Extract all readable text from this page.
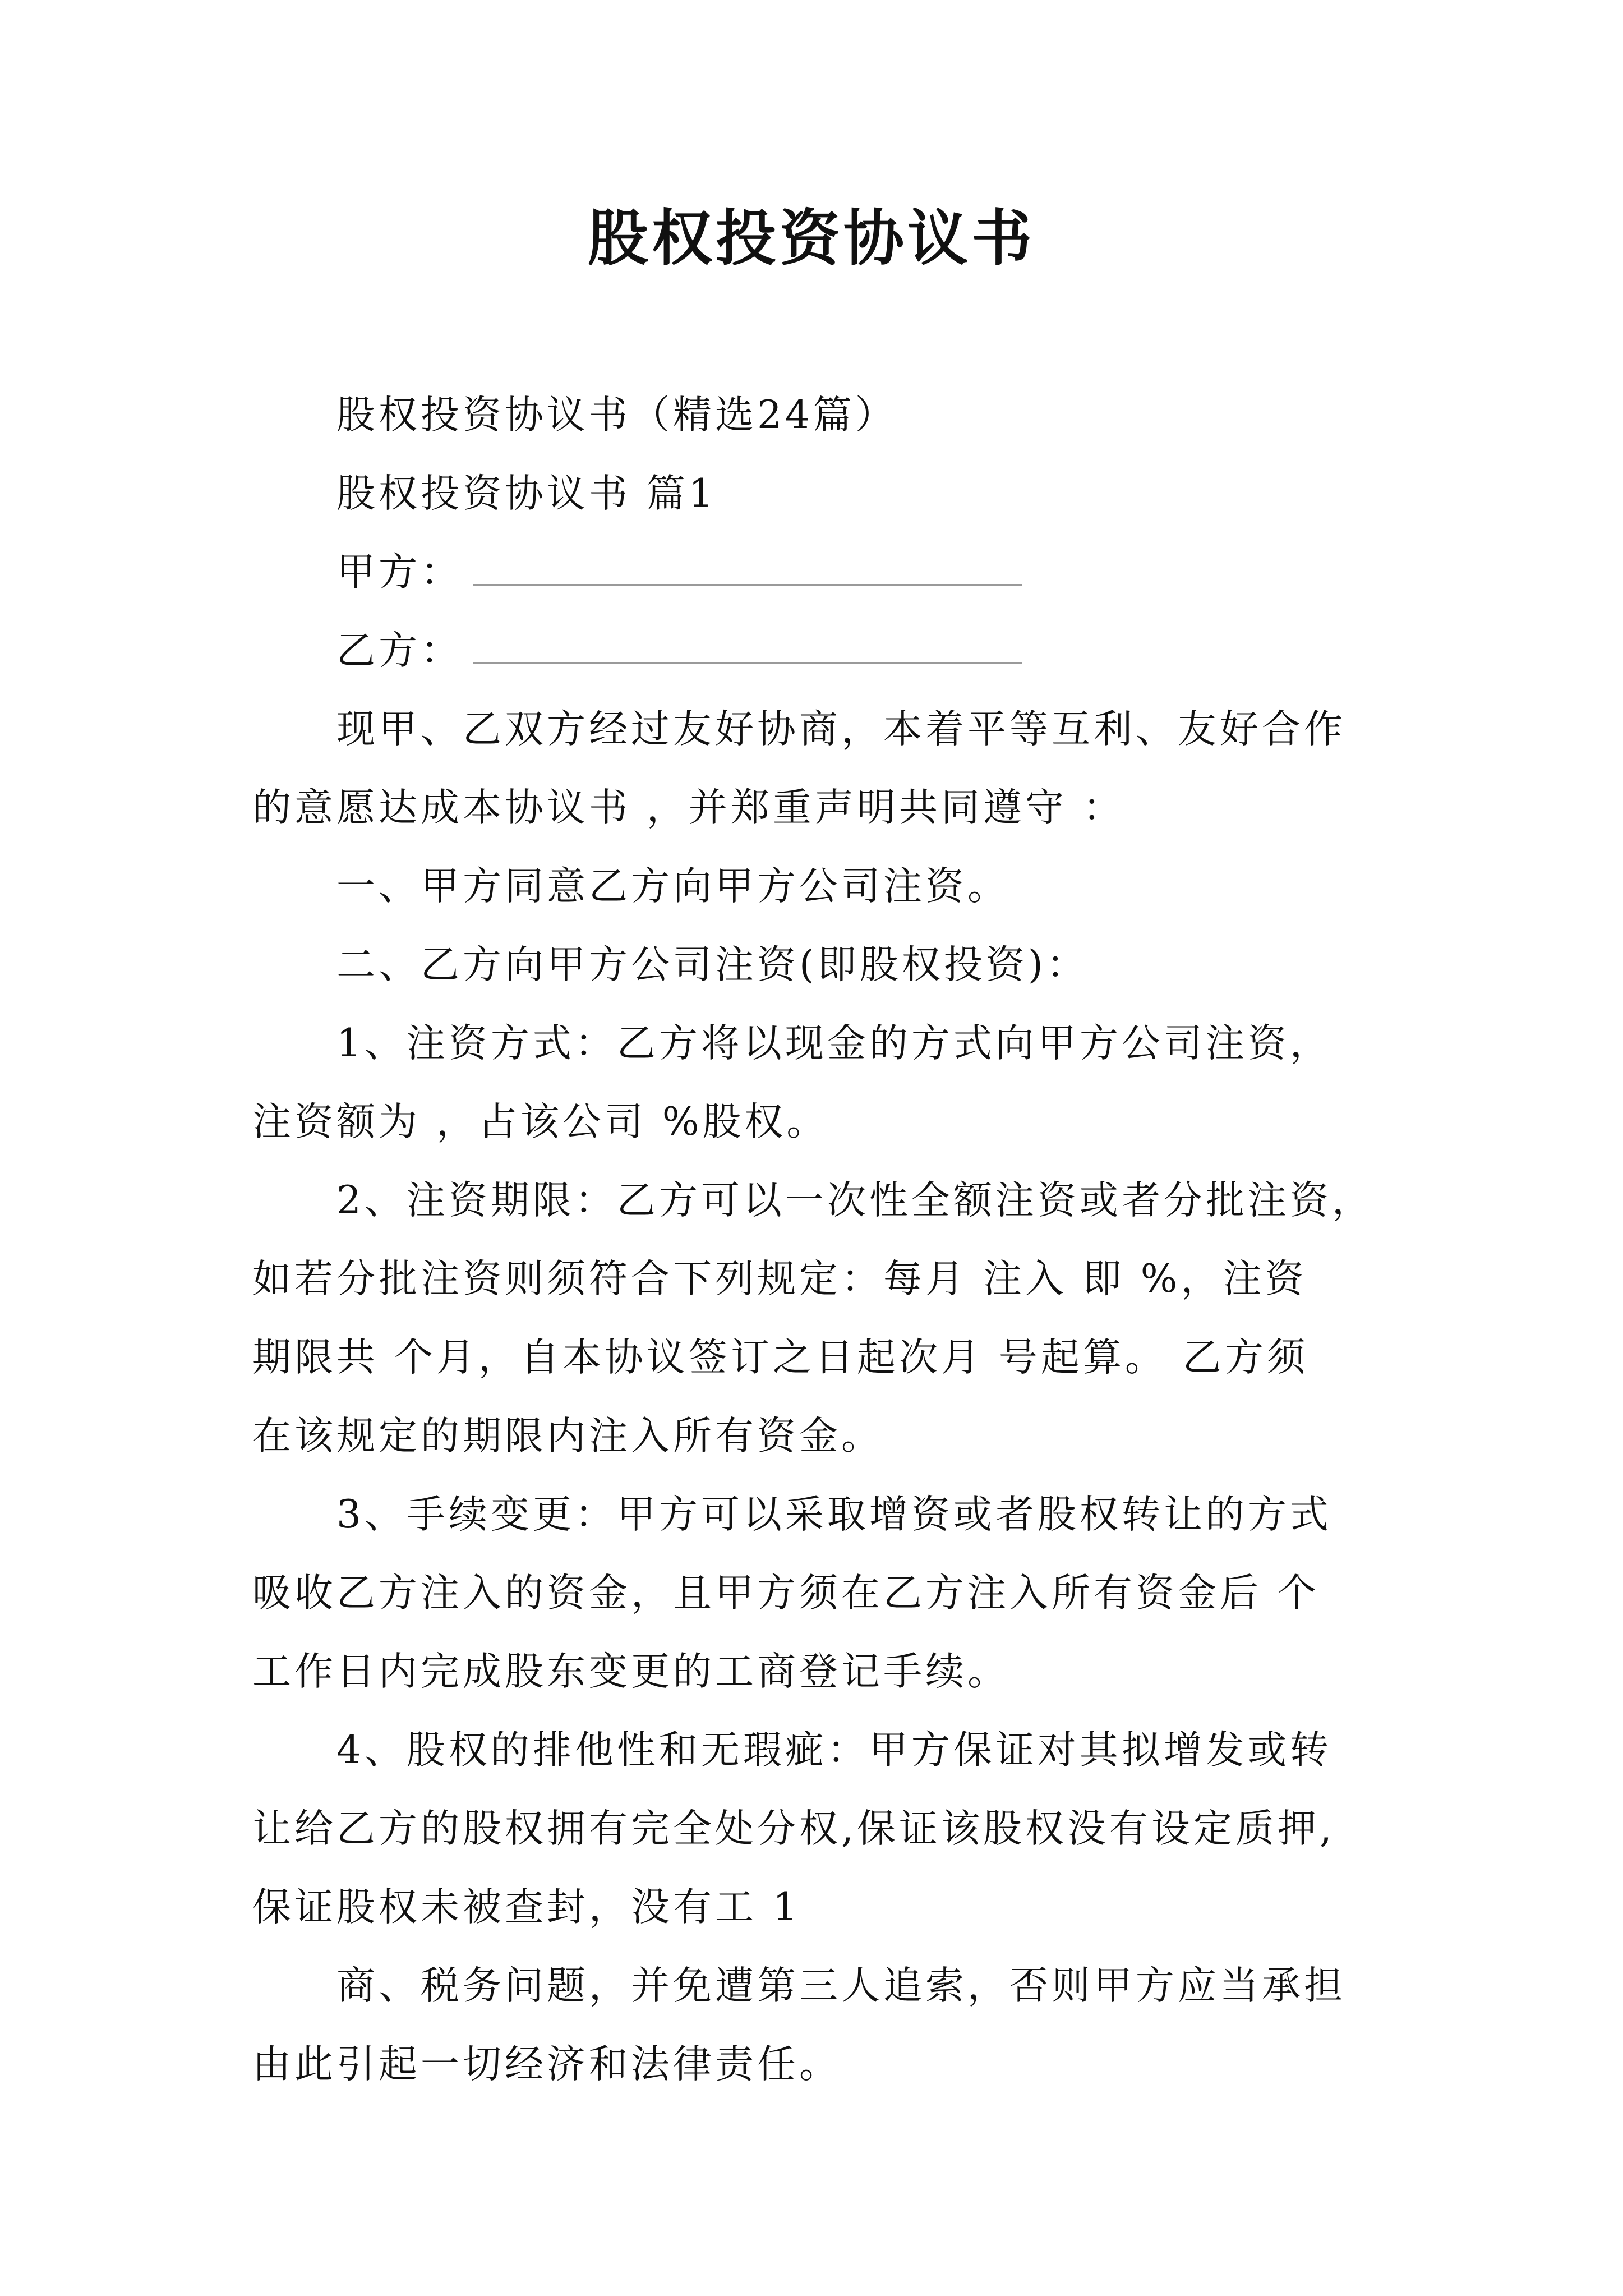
股权投资协议书
股权投资协议书（精选24篇）
股权投资协议书 篇1
甲方：
乙方：
现甲、乙双方经过友好协商，本着平等互利、友好合作
的意愿达成本协议书 ，并郑重声明共同遵守 ：
一、甲方同意乙方向甲方公司注资。
二、乙方向甲方公司注资(即股权投资)：
1、注资方式：乙方将以现金的方式向甲方公司注资，
注资额为 ，占该公司 %股权。
2、注资期限：乙方可以一次性全额注资或者分批注资，
如若分批注资则须符合下列规定：每月 注入 即 %，注资
期限共 个月，自本协议签订之日起次月 号起算。 乙方须
在该规定的期限内注入所有资金。
3、手续变更：甲方可以采取增资或者股权转让的方式
吸收乙方注入的资金，且甲方须在乙方注入所有资金后 个
工作日内完成股东变更的工商登记手续。
4、股权的排他性和无瑕疵：甲方保证对其拟增发或转
让给乙方的股权拥有完全处分权,保证该股权没有设定质押,
保证股权未被查封，没有工 1
商、税务问题，并免遭第三人追索，否则甲方应当承担
由此引起一切经济和法律责任。
